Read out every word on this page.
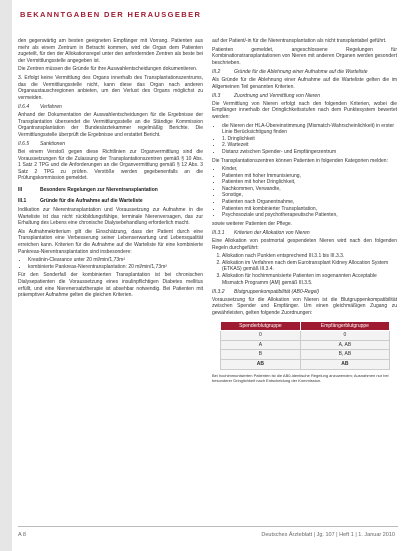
BEKANNTGABEN DER HERAUSGEBER

den gegenwärtig am besten geeigneten Empfänger mit Vorrang. Patienten aus mehr als einem Zentrum in Betracht kommen, wird die Organ dem Patienten zugeteilt, für den der Allokationsregel unter den anfordernden Zentren als beste bei der Vermittlungsstelle angegeben ist.

Die Zentren müssen die Gründe für ihre Auswahlentscheidungen dokumentieren.

3. Erfolgt keine Vermittlung des Organs innerhalb des Transplantationszentrums, das die Vermittlungsstelle nicht, kann diese das Organ nach anderen Organaustauschregionen anbieten, um den Verlust des Organs möglichst zu vermeiden.

II.6.4 Verfahren

Anhand der Dokumentation der Auswahlentscheidungen für die Ergebnisse der Transplantation übersendet die Vermittlungsstelle an die Ständige Kommission Organtransplantation der Bundesärztekammer regelmäßig Berichte. Die Vermittlungsstelle überprüft die Ergebnisse und erstattet Bericht.

II.6.5 Sanktionen

Bei einem Verstoß gegen diese Richtlinien zur Organvermittlung sind die Voraussetzungen für die Zulassung der Transplantationszentren gemäß § 10 Abs. 1 Satz 2 TPG und die Anforderungen an die Organvermittlung gemäß § 12 Abs. 3 Satz 2 TPG zu prüfen. Verstöße werden gegebenenfalls an die Prüfungskommission gemeldet.

III	Besondere Regelungen zur Nierentransplantation
III.1	Gründe für die Aufnahme auf die Warteliste

Indikation zur Nierentransplantation und Voraussetzung zur Aufnahme in die Warteliste ist das nicht rückbildungsfähige, terminale Nierenversagen, das zur Erhaltung des Lebens eine chronische Dialysebehandlung erforderlich macht.

Als Aufnahmekriterium gilt die Einschätzung, dass der Patient durch eine Transplantation eine Verbesserung seiner Lebenserwartung und Lebensqualität erreichen kann. Kriterien für die Aufnahme auf die Warteliste für eine kombinierte Pankreas-Nierentransplantation sind insbesondere:

• Kreatinin-Clearance unter 20 ml/min/1,73m²
• kombinierte Pankreas-Nierentransplantation: 20 ml/min/1,73m²

Für den Sonderfall der kombinierten Transplantation ist bei chronischen Dialysepatienten die Voraussetzung eines insulinpflichtigen Diabetes mellitus erfüllt, und eine Nierenersatztherapie ist absehbar notwendig. Bei Patienten mit präemptiver Aufnahme gelten die gleichen Kriterien.

auf der Patient/-in für die Nierentransplantation als nicht transplantabel geführt.

Patienten gemeldet, angeschlossene Regelungen für Kombinationstransplantationen von Nieren mit anderen Organen werden gesondert beschrieben.

III.2	Gründe für die Ablehnung einer Aufnahme auf die Warteliste

Als Gründe für die Ablehnung einer Aufnahme auf die Warteliste gelten die im Allgemeinen Teil genannten Kriterien.

III.3	Zuordnung und Vermittlung von Nieren

Die Vermittlung von Nieren erfolgt nach den folgenden Kriterien, wobei die Empfänger innerhalb der Dringlichkeitsstufen nach dem Punktesystem bewertet werden:

• die Nieren der HLA-Übereinstimmung (Mismatch-Wahrscheinlichkeit) in erster Linie Berücksichtigung finden
• 1. Dringlichkeit
• 2. Wartezeit
• Distanz zwischen Spender- und Empfängerzentrum

Die Transplantationszentren können Patienten in folgenden Kategorien melden:

• Kinder,
• Patienten mit hoher Immunisierung,
• Patienten mit hoher Dringlichkeit,
• Nachkommen, Verwandte,
• Sonstige,
• Patienten nach Organentnahme,
• Patienten mit kombinierter Transplantation,
• Psychosoziale und psychotherapeutische Patienten,

sowie weiterer Patienten der Pflege.

III.3.1 Kriterien der Allokation von Nieren

Eine Allokation von postmortal gespendeten Nieren wird nach den folgenden Regeln durchgeführt:

1. Allokation nach Punkten entsprechend III.3.1 bis III.3.3.
2. Allokation im Verfahren nach dem Eurotransplant Kidney Allocation System (ETKAS) gemäß III.3.4.
3. Allokation für hochimmunisierte Patienten im sogenannten Acceptable Mismatch Programm (AM) gemäß III.3.5.
III.3.2 Blutgruppenkompatibilität (AB0-Regel)

Voraussetzung für die Allokation von Nieren ist die Blutgruppenkompatibilität zwischen Spender und Empfänger. Um einen gleichmäßigen Zugang zu gewährleisten, gelten folgende Zuordnungen:

Spenderblutgruppe	Empfängerblutgruppe
0	0
A	A, AB
B	B, AB
AB	AB
Bei hochimmunisierten Patienten ist die AB0-identische Regelung anzuwenden; Ausnahmen nur bei besonderer Dringlichkeit nach Entscheidung der Kommission.
A 8	Deutsches Ärzteblatt | Jg. 107 | Heft 1 | 1. Januar 2010
